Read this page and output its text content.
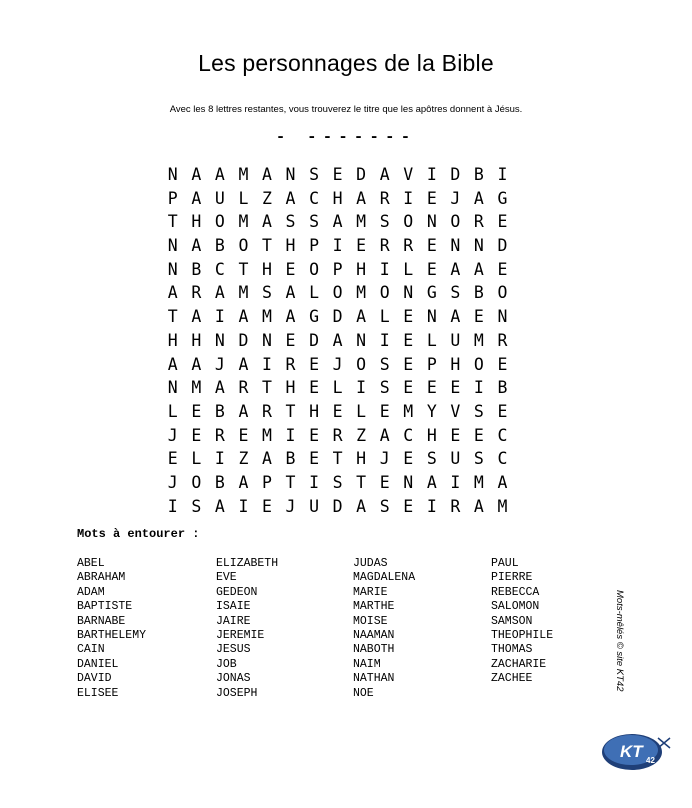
Les personnages de la Bible
Avec les 8 lettres restantes, vous trouverez le titre que les apôtres donnent à Jésus.
- -------
N A A M A N S E D A V I D B I
P A U L Z A C H A R I E J A G
T H O M A S S A M S O N O R E
N A B O T H P I E R R E N N D
N B C T H E O P H I L E A A E
A R A M S A L O M O N G S B O
T A I A M A G D A L E N A E N
H H N D N E D A N I E L U M R
A A J A I R E J O S E P H O E
N M A R T H E L I S E E E I B
L E B A R T H E L E M Y V S E
J E R E M I E R Z A C H E E C
E L I Z A B E T H J E S U S C
J O B A P T I S T E N A I M A
I S A I E J U D A S E I R A M
Mots à entourer :
ABEL
ABRAHAM
ADAM
BAPTISTE
BARNABE
BARTHELEMY
CAIN
DANIEL
DAVID
ELISEE
ELIZABETH
EVE
GEDEON
ISAIE
JAIRE
JEREMIE
JESUS
JOB
JONAS
JOSEPH
JUDAS
MAGDALENA
MARIE
MARTHE
MOISE
NAAMAN
NABOTH
NAIM
NATHAN
NOE
PAUL
PIERRE
REBECCA
SALOMON
SAMSON
THEOPHILE
THOMAS
ZACHARIE
ZACHEE	Mots-mêlés © site KT42
KT 42
